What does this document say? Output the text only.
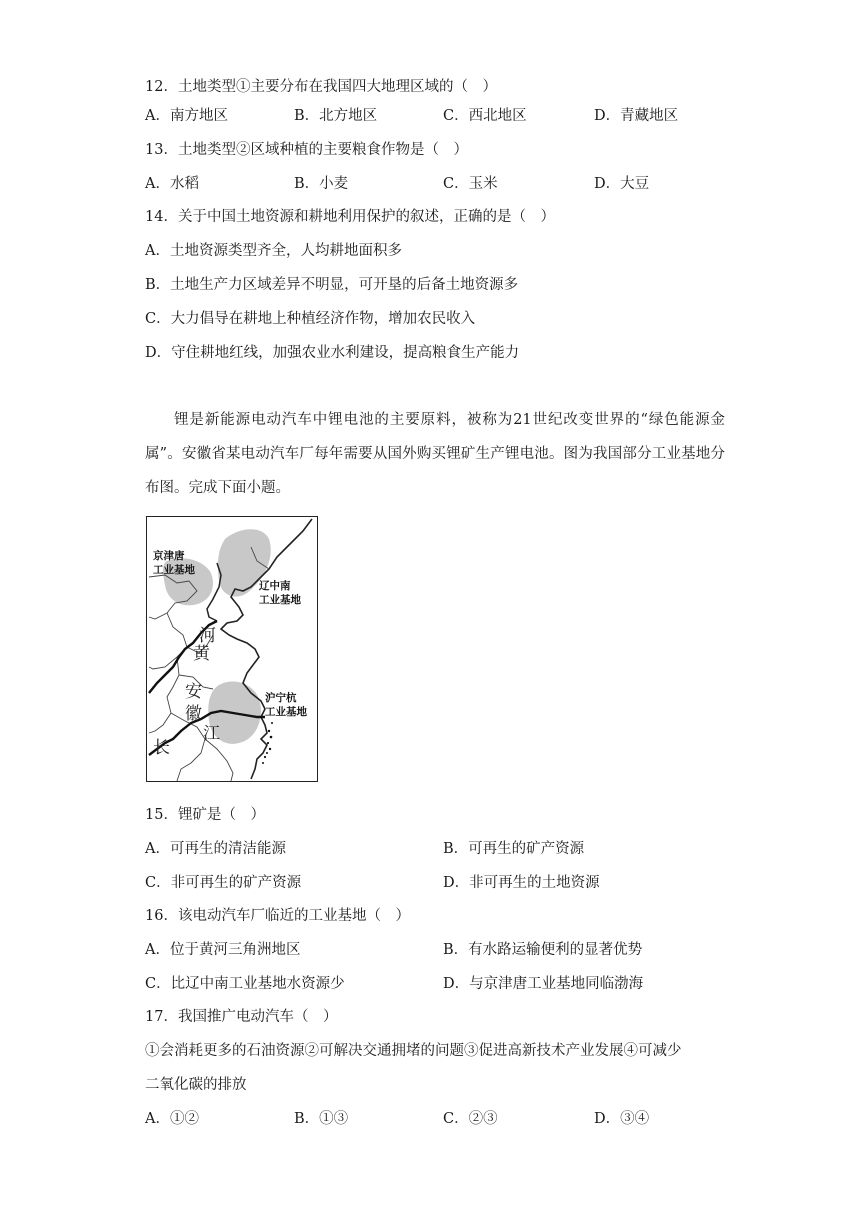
12．土地类型①主要分布在我国四大地理区域的（　）
A．南方地区	B．北方地区	C．西北地区	D．青藏地区
13．土地类型②区域种植的主要粮食作物是（　）
A．水稻	B．小麦	C．玉米	D．大豆
14．关于中国土地资源和耕地利用保护的叙述，正确的是（　）
A．土地资源类型齐全，人均耕地面积多
B．土地生产力区域差异不明显，可开垦的后备土地资源多
C．大力倡导在耕地上种植经济作物，增加农民收入
D．守住耕地红线，加强农业水利建设，提高粮食生产能力

锂是新能源电动汽车中锂电池的主要原料，被称为21世纪改变世界的“绿色能源金属”。安徽省某电动汽车厂每年需要从国外购买锂矿生产锂电池。图为我国部分工业基地分布图。完成下面小题。

京津唐
工业基地
辽中南
工业基地
沪宁杭
工业基地
河
黄
安
徽
江
长
15．锂矿是（　）
A．可再生的清洁能源	B．可再生的矿产资源
C．非可再生的矿产资源	D．非可再生的土地资源
16．该电动汽车厂临近的工业基地（　）
A．位于黄河三角洲地区	B．有水路运输便利的显著优势
C．比辽中南工业基地水资源少	D．与京津唐工业基地同临渤海
17．我国推广电动汽车（　）
①会消耗更多的石油资源②可解决交通拥堵的问题③促进高新技术产业发展④可减少
二氧化碳的排放
A．①②	B．①③	C．②③	D．③④
